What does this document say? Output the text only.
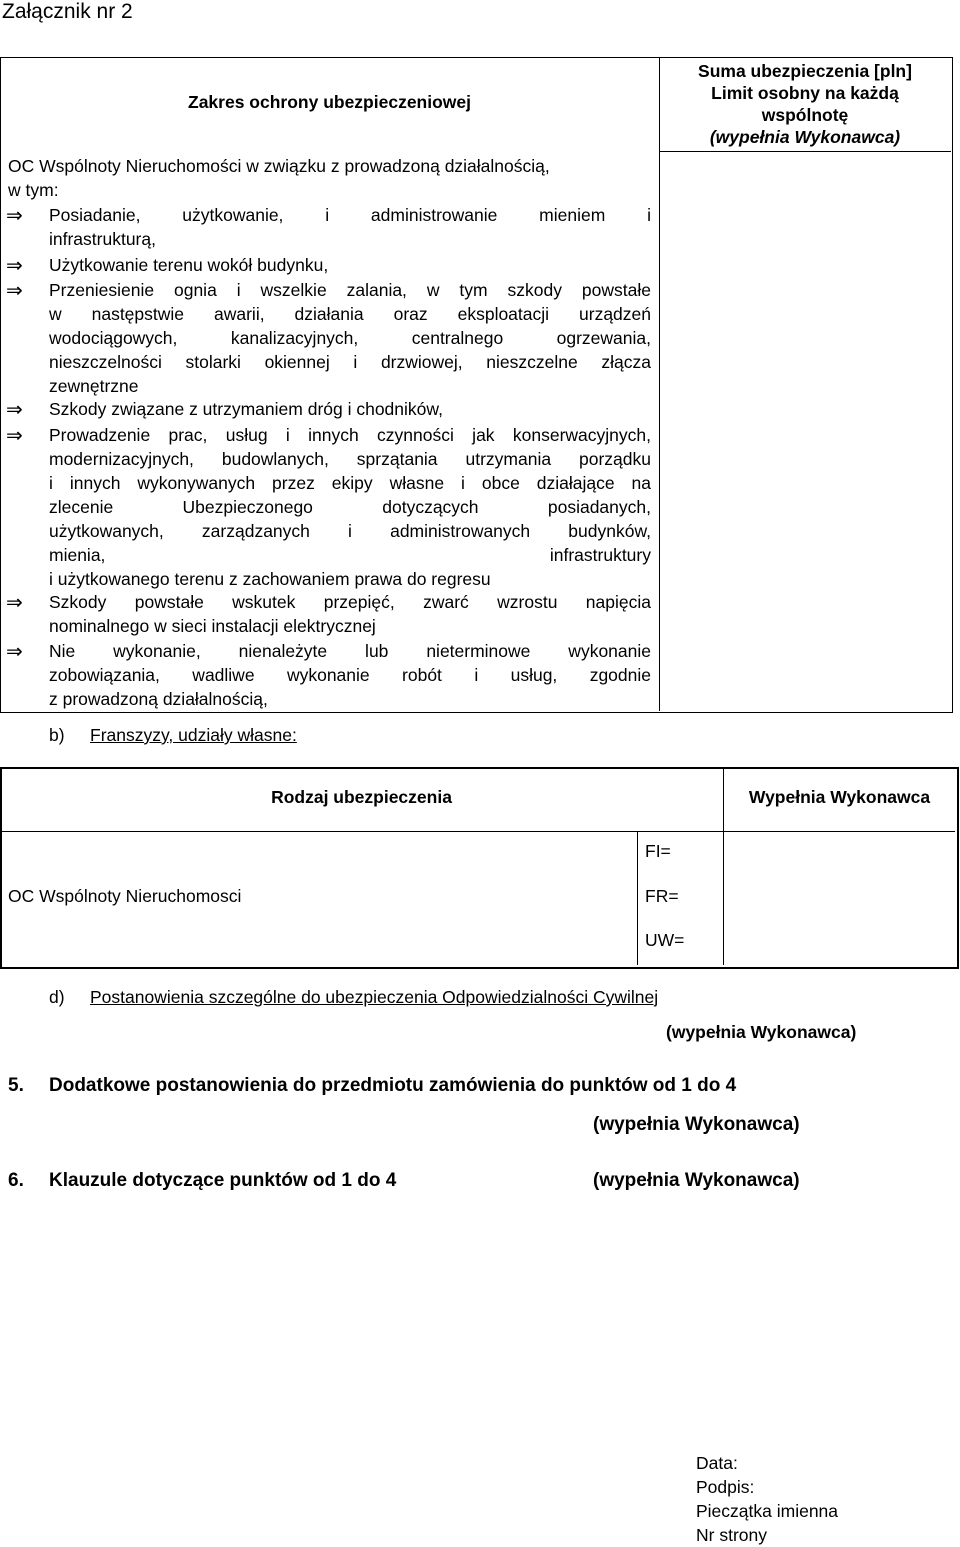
Załącznik nr 2
Zakres ochrony ubezpieczeniowej
Suma ubezpieczenia [pln]
Limit osobny na każdą
wspólnotę
(wypełnia Wykonawca)
OC Wspólnoty Nieruchomości w związku z prowadzoną działalnością,
w tym:
⇒ Posiadanie, użytkowanie, i administrowanie mieniem i
infrastrukturą,
⇒ Użytkowanie terenu wokół budynku,
⇒ Przeniesienie ognia i wszelkie zalania, w tym szkody powstałe
w następstwie awarii, działania oraz eksploatacji urządzeń
wodociągowych, kanalizacyjnych, centralnego ogrzewania,
nieszczelności stolarki okiennej i drzwiowej, nieszczelne złącza
zewnętrzne
⇒ Szkody związane z utrzymaniem dróg i chodników,
⇒ Prowadzenie prac, usług i innych czynności jak konserwacyjnych,
modernizacyjnych, budowlanych, sprzątania utrzymania porządku
i innych wykonywanych przez ekipy własne i obce działające na
zlecenie Ubezpieczonego dotyczących posiadanych,
użytkowanych, zarządzanych i administrowanych budynków,
mienia, infrastruktury
i użytkowanego terenu z zachowaniem prawa do regresu
⇒ Szkody powstałe wskutek przepięć, zwarć wzrostu napięcia
nominalnego w sieci instalacji elektrycznej
⇒ Nie wykonanie, nienależyte lub nieterminowe wykonanie
zobowiązania, wadliwe wykonanie robót i usług, zgodnie
z prowadzoną działalnością,
b) Franszyzy, udziały własne:
Rodzaj ubezpieczenia	Wypełnia Wykonawca
OC Wspólnoty Nieruchomosci
FI=
FR=
UW=
d) Postanowienia szczególne do ubezpieczenia Odpowiedzialności Cywilnej
(wypełnia Wykonawca)
5. Dodatkowe postanowienia do przedmiotu zamówienia do punktów od 1 do 4
(wypełnia Wykonawca)
6. Klauzule dotyczące punktów od 1 do 4	(wypełnia Wykonawca)
Data:
Podpis:
Pieczątka imienna
Nr strony
